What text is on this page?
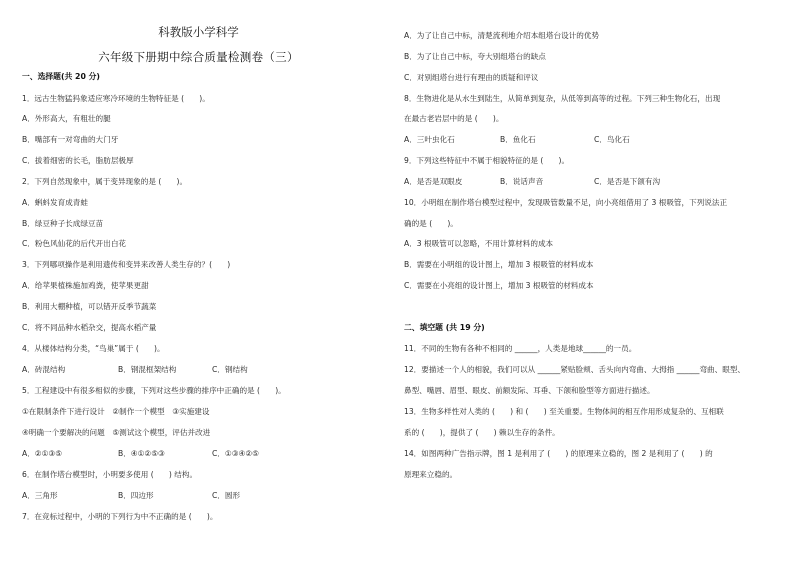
科教版小学科学
六年级下册期中综合质量检测卷（三）
一、选择题(共 20 分)
1．远古生物猛犸象适应寒冷环境的生物特征是 (　　)。
A．外形高大，有粗壮的腿
B．嘴部有一对弯曲的大门牙
C．拔着细密的长毛，脂肪层极厚
2．下列自然现象中，属于变异现象的是 (　　)。
A．蝌蚪发育成青蛙
B．绿豆种子长成绿豆苗
C．粉色风仙花的后代开出白花
3．下列哪项操作是利用遗传和变异来改善人类生存的？(　　)
A．给苹果植株施加鸡粪，使苹果更甜
B．利用大棚种植，可以错开反季节蔬菜
C．将不同品种水稻杂交，提高水稻产量
4．从楼体结构分类，“鸟巢”属于 (　　)。
A．砖混结构	B．钢混框架结构	C．钢结构
5．工程建设中有很多相似的步骤，下列对这些步骤的排序中正确的是 (　　)。
①在限制条件下进行设计　②制作一个模型　③实施建设
④明确一个要解决的问题　⑤测试这个模型，评估并改进
A．②①③⑤	B．④①②⑤③	C．①③④②⑤
6．在制作塔台模型时，小明要多使用 (　　) 结构。
A．三角形	B．四边形	C．圆形
7．在竞标过程中，小明的下列行为中不正确的是 (　　)。
A．为了让自己中标，清楚流利地介绍本组塔台设计的优势
B．为了让自己中标，夸大别组塔台的缺点
C．对别组塔台进行有理由的质疑和评议
8．生物进化是从水生到陆生，从简单到复杂，从低等到高等的过程。下列三种生物化石，出现
在最古老岩层中的是 (　　)。
A．三叶虫化石	B．鱼化石	C．鸟化石
9．下列这些特征中不属于相貌特征的是 (　　)。
A．是否是双眼皮	B．说话声音	C．是否是下颌有沟
10．小明组在制作塔台模型过程中，发现吸管数量不足，向小亮组借用了 3 根吸管，下列说法正
确的是 (　　)。
A．3 根吸管可以忽略，不用计算材料的成本
B．需要在小明组的设计图上，增加 3 根吸管的材料成本
C．需要在小亮组的设计图上，增加 3 根吸管的材料成本
二、填空题 (共 19 分)
11．不同的生物有各种不相同的 ______，人类是地球______的一员。
12．要描述一个人的相貌，我们可以从 ______紧贴脸颊、舌头向内弯曲、大拇指 ______弯曲、眼型、
鼻型、嘴唇、眉型、眼皮、前额发际、耳垂、下颌和脸型等方面进行描述。
13．生物多样性对人类的 (　　) 和 (　　) 至关重要。生物体间的相互作用形成复杂的、互相联
系的 (　　)，提供了 (　　) 赖以生存的条件。
14．如图两种广告指示牌，图 1 是利用了 (　　) 的原理来立稳的，图 2 是利用了 (　　) 的
原理来立稳的。
